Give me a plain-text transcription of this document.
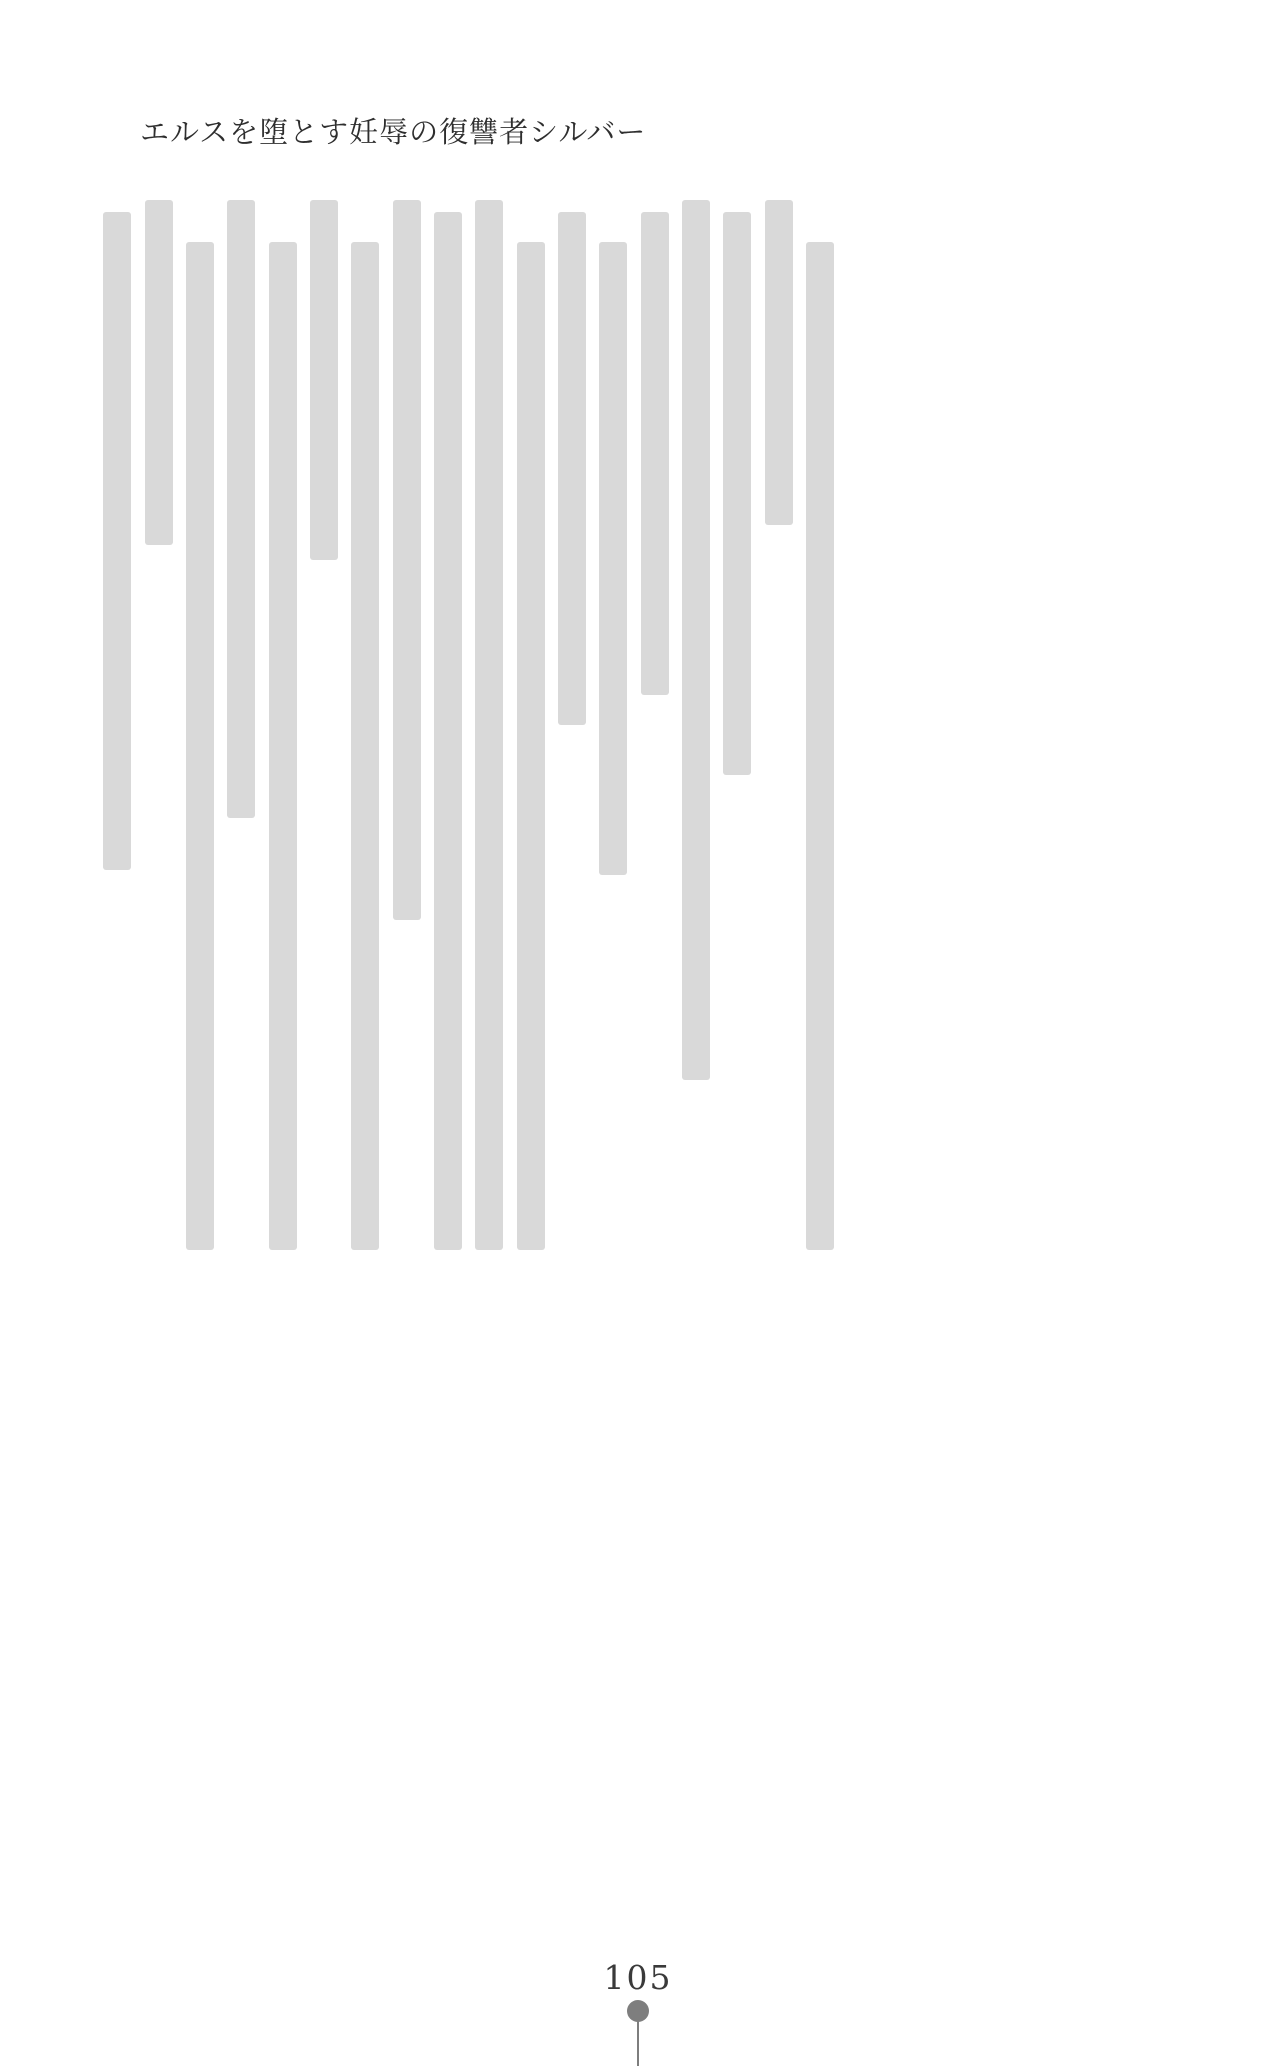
エルスを堕とす妊辱の復讐者シルバー
105
